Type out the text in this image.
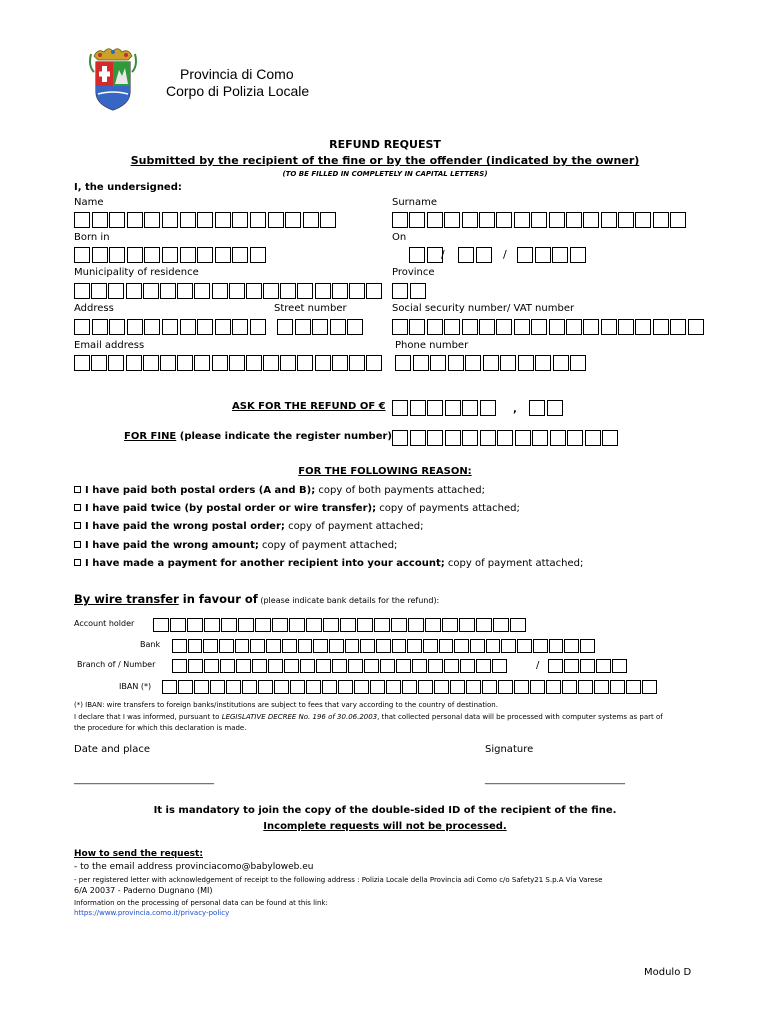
Provincia di Como
Corpo di Polizia Locale
REFUND REQUEST
Submitted by the recipient of the fine or by the offender (indicated by the owner)
(TO BE FILLED IN COMPLETELY IN CAPITAL LETTERS)
I, the undersigned:
Name	Surname
Born in	On
/	/
Municipality of residence	Province
Address	Street number	Social security number/ VAT number
Email address	Phone number
ASK FOR THE REFUND OF €	,
FOR FINE (please indicate the register number)
FOR THE FOLLOWING REASON:
I have paid both postal orders (A and B); copy of both payments attached;
I have paid twice (by postal order or wire transfer); copy of payments attached;
I have paid the wrong postal order; copy of payment attached;
I have paid the wrong amount; copy of payment attached;
I have made a payment for another recipient into your account; copy of payment attached;
By wire transfer in favour of (please indicate bank details for the refund):
Account holder
Bank
Branch of / Number	/
IBAN (*)
(*) IBAN: wire transfers to foreign banks/institutions are subject to fees that vary according to the country of destination.
I declare that I was informed, pursuant to LEGISLATIVE DECREE No. 196 of 30.06.2003, that collected personal data will be processed with computer systems as part of
the procedure for which this declaration is made.
Date and place	Signature
____________________________	____________________________
It is mandatory to join the copy of the double-sided ID of the recipient of the fine.
Incomplete requests will not be processed.
How to send the request:
- to the email address provinciacomo@babyloweb.eu
- per registered letter with acknowledgement of receipt to the following address : Polizia Locale della Provincia adi Como c/o Safety21 S.p.A Via Varese
6/A 20037 - Paderno Dugnano (MI)
Information on the processing of personal data can be found at this link:
https://www.provincia.como.it/privacy-policy
Modulo D
